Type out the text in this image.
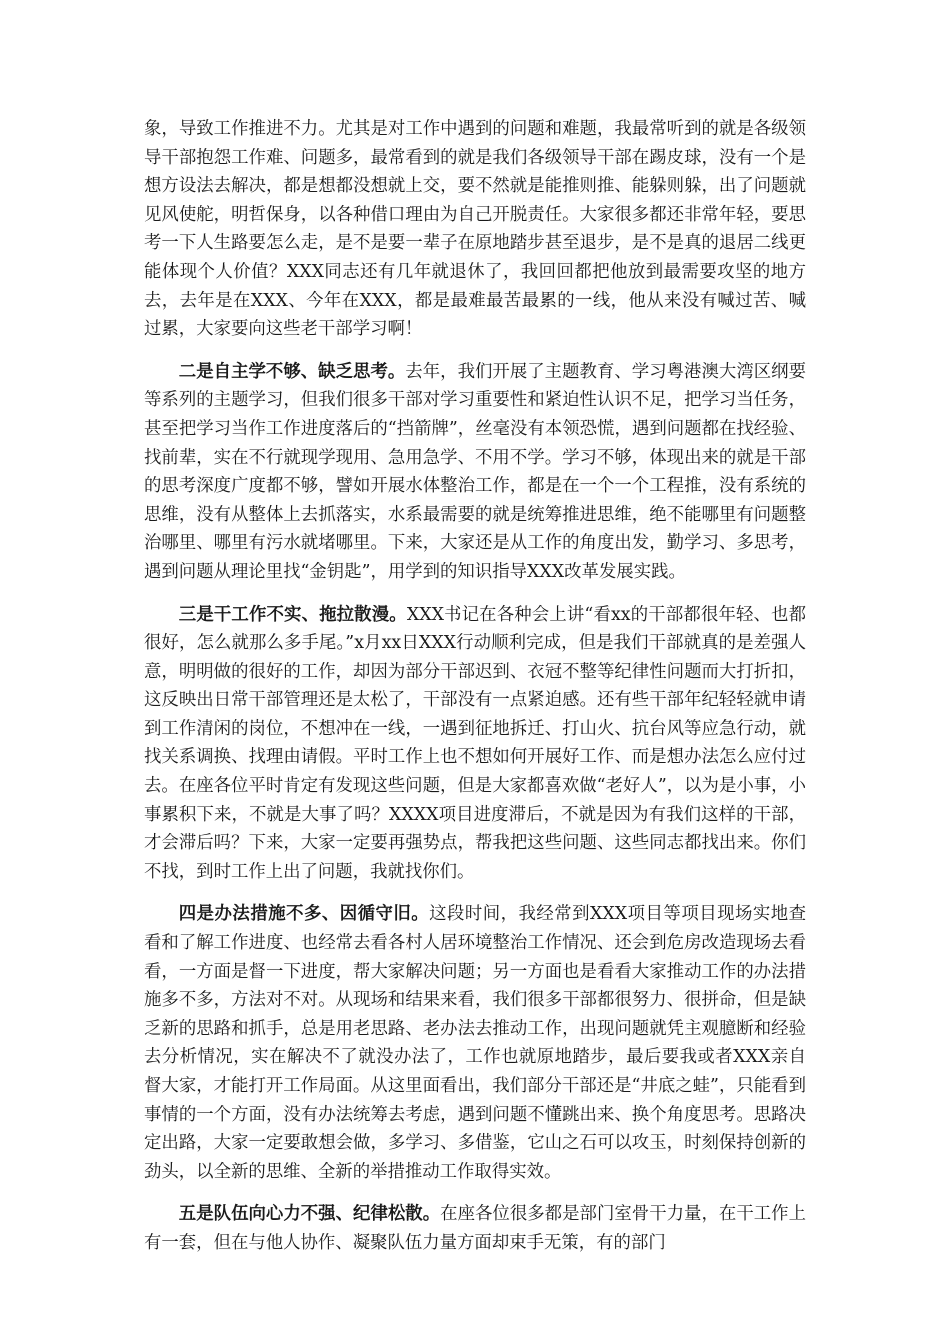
象，导致工作推进不力。尤其是对工作中遇到的问题和难题，我最常听到的就是各级领导干部抱怨工作难、问题多，最常看到的就是我们各级领导干部在踢皮球，没有一个是想方设法去解决，都是想都没想就上交，要不然就是能推则推、能躲则躲，出了问题就见风使舵，明哲保身，以各种借口理由为自己开脱责任。大家很多都还非常年轻，要思考一下人生路要怎么走，是不是要一辈子在原地踏步甚至退步，是不是真的退居二线更能体现个人价值？XXX同志还有几年就退休了，我回回都把他放到最需要攻坚的地方去，去年是在XXX、今年在XXX，都是最难最苦最累的一线，他从来没有喊过苦、喊过累，大家要向这些老干部学习啊！

二是自主学不够、缺乏思考。去年，我们开展了主题教育、学习粤港澳大湾区纲要等系列的主题学习，但我们很多干部对学习重要性和紧迫性认识不足，把学习当任务，甚至把学习当作工作进度落后的“挡箭牌”，丝毫没有本领恐慌，遇到问题都在找经验、找前辈，实在不行就现学现用、急用急学、不用不学。学习不够，体现出来的就是干部的思考深度广度都不够，譬如开展水体整治工作，都是在一个一个工程推，没有系统的思维，没有从整体上去抓落实，水系最需要的就是统筹推进思维，绝不能哪里有问题整治哪里、哪里有污水就堵哪里。下来，大家还是从工作的角度出发，勤学习、多思考，遇到问题从理论里找“金钥匙”，用学到的知识指导XXX改革发展实践。

三是干工作不实、拖拉散漫。XXX书记在各种会上讲“看xx的干部都很年轻、也都很好，怎么就那么多手尾。”x月xx日XXX行动顺利完成，但是我们干部就真的是差强人意，明明做的很好的工作，却因为部分干部迟到、衣冠不整等纪律性问题而大打折扣，这反映出日常干部管理还是太松了，干部没有一点紧迫感。还有些干部年纪轻轻就申请到工作清闲的岗位，不想冲在一线，一遇到征地拆迁、打山火、抗台风等应急行动，就找关系调换、找理由请假。平时工作上也不想如何开展好工作、而是想办法怎么应付过去。在座各位平时肯定有发现这些问题，但是大家都喜欢做“老好人”，以为是小事，小事累积下来，不就是大事了吗？XXXX项目进度滞后，不就是因为有我们这样的干部，才会滞后吗？下来，大家一定要再强势点，帮我把这些问题、这些同志都找出来。你们不找，到时工作上出了问题，我就找你们。

四是办法措施不多、因循守旧。这段时间，我经常到XXX项目等项目现场实地查看和了解工作进度、也经常去看各村人居环境整治工作情况、还会到危房改造现场去看看，一方面是督一下进度，帮大家解决问题；另一方面也是看看大家推动工作的办法措施多不多，方法对不对。从现场和结果来看，我们很多干部都很努力、很拼命，但是缺乏新的思路和抓手，总是用老思路、老办法去推动工作，出现问题就凭主观臆断和经验去分析情况，实在解决不了就没办法了，工作也就原地踏步，最后要我或者XXX亲自督大家，才能打开工作局面。从这里面看出，我们部分干部还是“井底之蛙”，只能看到事情的一个方面，没有办法统筹去考虑，遇到问题不懂跳出来、换个角度思考。思路决定出路，大家一定要敢想会做，多学习、多借鉴，它山之石可以攻玉，时刻保持创新的劲头，以全新的思维、全新的举措推动工作取得实效。

五是队伍向心力不强、纪律松散。在座各位很多都是部门室骨干力量，在干工作上有一套，但在与他人协作、凝聚队伍力量方面却束手无策，有的部门
